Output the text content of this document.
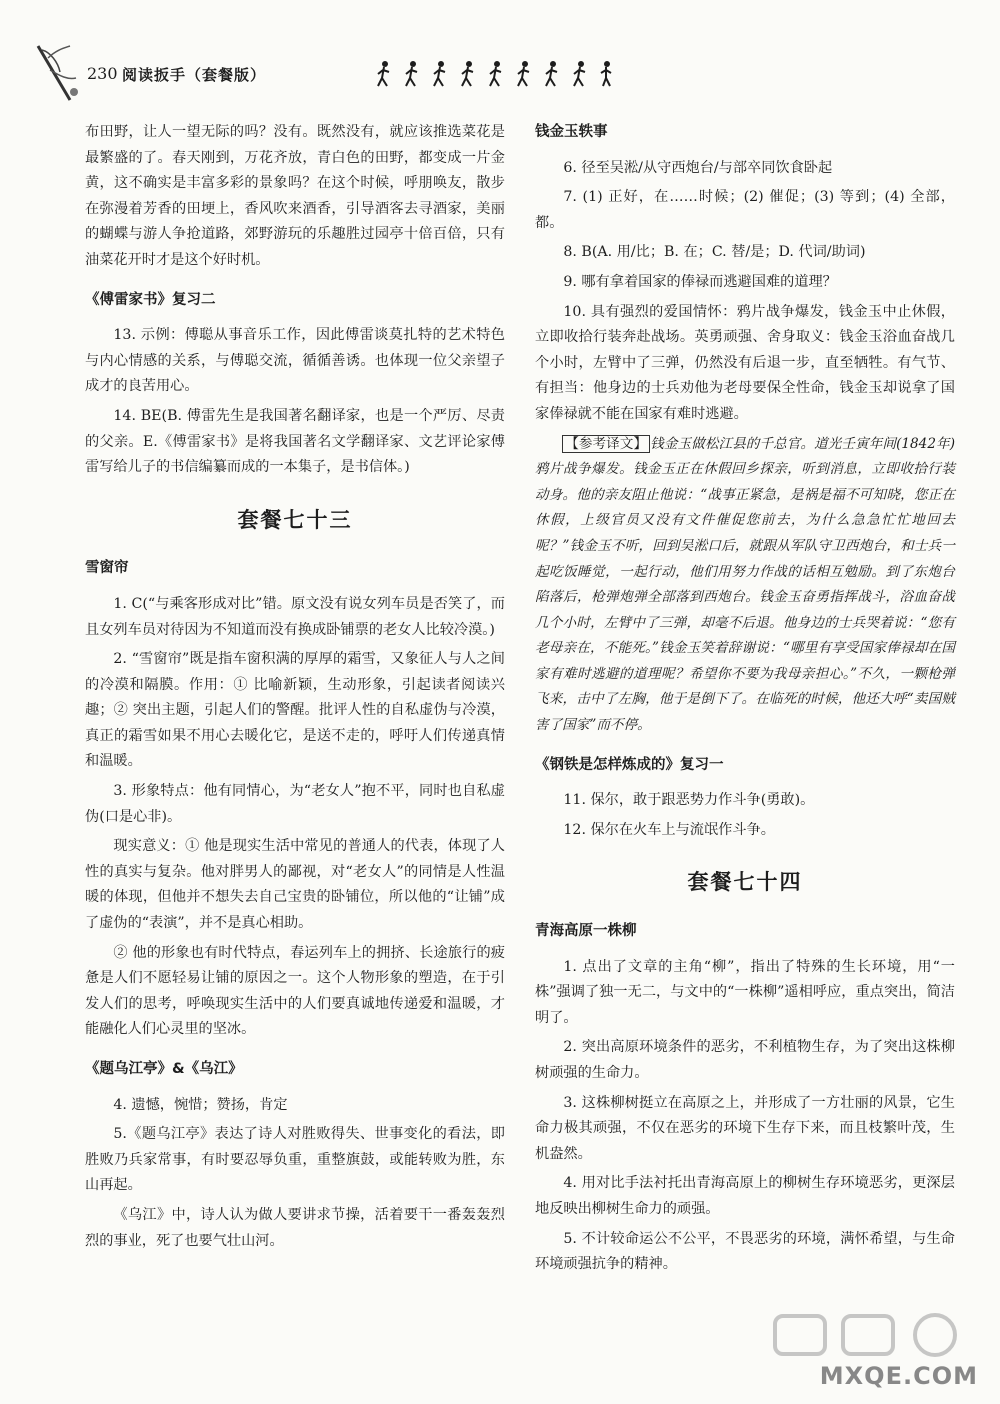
230 阅读扳手（套餐版）

布田野，让人一望无际的吗？没有。既然没有，就应该推选菜花是最繁盛的了。春天刚到，万花齐放，青白色的田野，都变成一片金黄，这不确实是丰富多彩的景象吗？在这个时候，呼朋唤友，散步在弥漫着芳香的田埂上，香风吹来酒香，引导酒客去寻酒家，美丽的蝴蝶与游人争抢道路，郊野游玩的乐趣胜过园亭十倍百倍，只有油菜花开时才是这个好时机。

《傅雷家书》复习二

13. 示例：傅聪从事音乐工作，因此傅雷谈莫扎特的艺术特色与内心情感的关系，与傅聪交流，循循善诱。也体现一位父亲望子成才的良苦用心。

14. BE(B. 傅雷先生是我国著名翻译家，也是一个严厉、尽责的父亲。E.《傅雷家书》是将我国著名文学翻译家、文艺评论家傅雷写给儿子的书信编纂而成的一本集子，是书信体。)

套餐七十三
雪窗帘

1. C(“与乘客形成对比”错。原文没有说女列车员是否笑了，而且女列车员对待因为不知道而没有换成卧铺票的老女人比较冷漠。)

2. “雪窗帘”既是指车窗积满的厚厚的霜雪，又象征人与人之间的冷漠和隔膜。作用：① 比喻新颖，生动形象，引起读者阅读兴趣；② 突出主题，引起人们的警醒。批评人性的自私虚伪与冷漠，真正的霜雪如果不用心去暖化它，是送不走的，呼吁人们传递真情和温暖。

3. 形象特点：他有同情心，为“老女人”抱不平，同时也自私虚伪(口是心非)。

现实意义：① 他是现实生活中常见的普通人的代表，体现了人性的真实与复杂。他对胖男人的鄙视，对“老女人”的同情是人性温暖的体现，但他并不想失去自己宝贵的卧铺位，所以他的“让铺”成了虚伪的“表演”，并不是真心相助。

② 他的形象也有时代特点，春运列车上的拥挤、长途旅行的疲惫是人们不愿轻易让铺的原因之一。这个人物形象的塑造，在于引发人们的思考，呼唤现实生活中的人们要真诚地传递爱和温暖，才能融化人们心灵里的坚冰。

《题乌江亭》&《乌江》

4. 遗憾，惋惜；赞扬，肯定

5.《题乌江亭》表达了诗人对胜败得失、世事变化的看法，即胜败乃兵家常事，有时要忍辱负重，重整旗鼓，或能转败为胜，东山再起。

《乌江》中，诗人认为做人要讲求节操，活着要干一番轰轰烈烈的事业，死了也要气壮山河。

钱金玉轶事

6. 径至吴淞/从守西炮台/与部卒同饮食卧起

7. (1) 正好，在……时候；(2) 催促；(3) 等到；(4) 全部，都。

8. B(A. 用/比；B. 在；C. 替/是；D. 代词/助词)

9. 哪有拿着国家的俸禄而逃避国难的道理？

10. 具有强烈的爱国情怀：鸦片战争爆发，钱金玉中止休假，立即收拾行装奔赴战场。英勇顽强、舍身取义：钱金玉浴血奋战几个小时，左臂中了三弹，仍然没有后退一步，直至牺牲。有气节、有担当：他身边的士兵劝他为老母要保全性命，钱金玉却说拿了国家俸禄就不能在国家有难时逃避。

【参考译文】 钱金玉做松江县的千总官。道光壬寅年间(1842年)鸦片战争爆发。钱金玉正在休假回乡探亲，听到消息，立即收拾行装动身。他的亲友阻止他说：“战事正紧急，是祸是福不可知晓，您正在休假，上级官员又没有文件催促您前去，为什么急急忙忙地回去呢？”钱金玉不听，回到吴淞口后，就跟从军队守卫西炮台，和士兵一起吃饭睡觉，一起行动，他们用努力作战的话相互勉励。到了东炮台陷落后，枪弹炮弹全部落到西炮台。钱金玉奋勇指挥战斗，浴血奋战几个小时，左臂中了三弹，却毫不后退。他身边的士兵哭着说：“您有老母亲在，不能死。”钱金玉笑着辞谢说：“哪里有享受国家俸禄却在国家有难时逃避的道理呢？希望你不要为我母亲担心。”不久，一颗枪弹飞来，击中了左胸，他于是倒下了。在临死的时候，他还大呼“卖国贼害了国家”而不停。

《钢铁是怎样炼成的》复习一

11. 保尔，敢于跟恶势力作斗争(勇敢)。

12. 保尔在火车上与流氓作斗争。

套餐七十四
青海高原一株柳

1. 点出了文章的主角“柳”，指出了特殊的生长环境，用“一株”强调了独一无二，与文中的“一株柳”遥相呼应，重点突出，简洁明了。

2. 突出高原环境条件的恶劣，不利植物生存，为了突出这株柳树顽强的生命力。

3. 这株柳树挺立在高原之上，并形成了一方壮丽的风景，它生命力极其顽强，不仅在恶劣的环境下生存下来，而且枝繁叶茂，生机盎然。

4. 用对比手法衬托出青海高原上的柳树生存环境恶劣，更深层地反映出柳树生命力的顽强。

5. 不计较命运公不公平，不畏恶劣的环境，满怀希望，与生命环境顽强抗争的精神。

MXQE.COM
